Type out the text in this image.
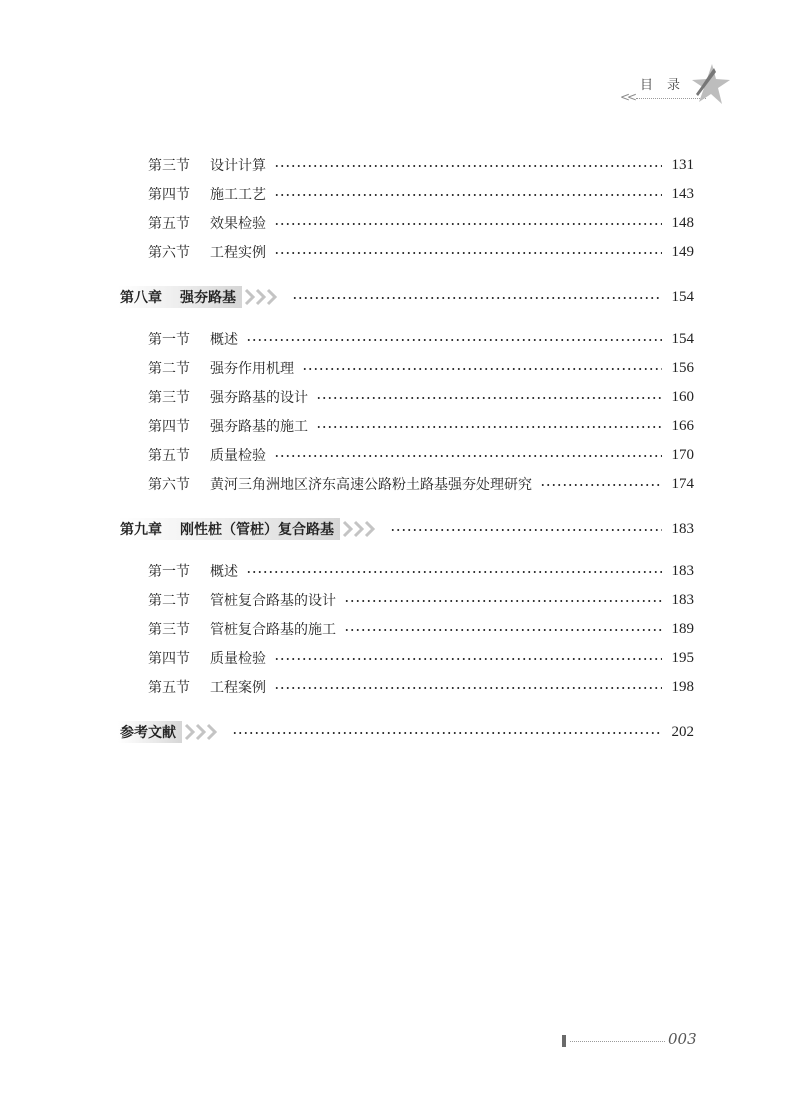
目录
<<
第三节	设计计算	131
第四节	施工工艺	143
第五节	效果检验	148
第六节	工程实例	149
第八章 强夯路基	154
第一节	概述	154
第二节	强夯作用机理	156
第三节	强夯路基的设计	160
第四节	强夯路基的施工	166
第五节	质量检验	170
第六节	黄河三角洲地区济东高速公路粉土路基强夯处理研究	174
第九章 刚性桩（管桩）复合路基	183
第一节	概述	183
第二节	管桩复合路基的设计	183
第三节	管桩复合路基的施工	189
第四节	质量检验	195
第五节	工程案例	198
参考文献	202
003
